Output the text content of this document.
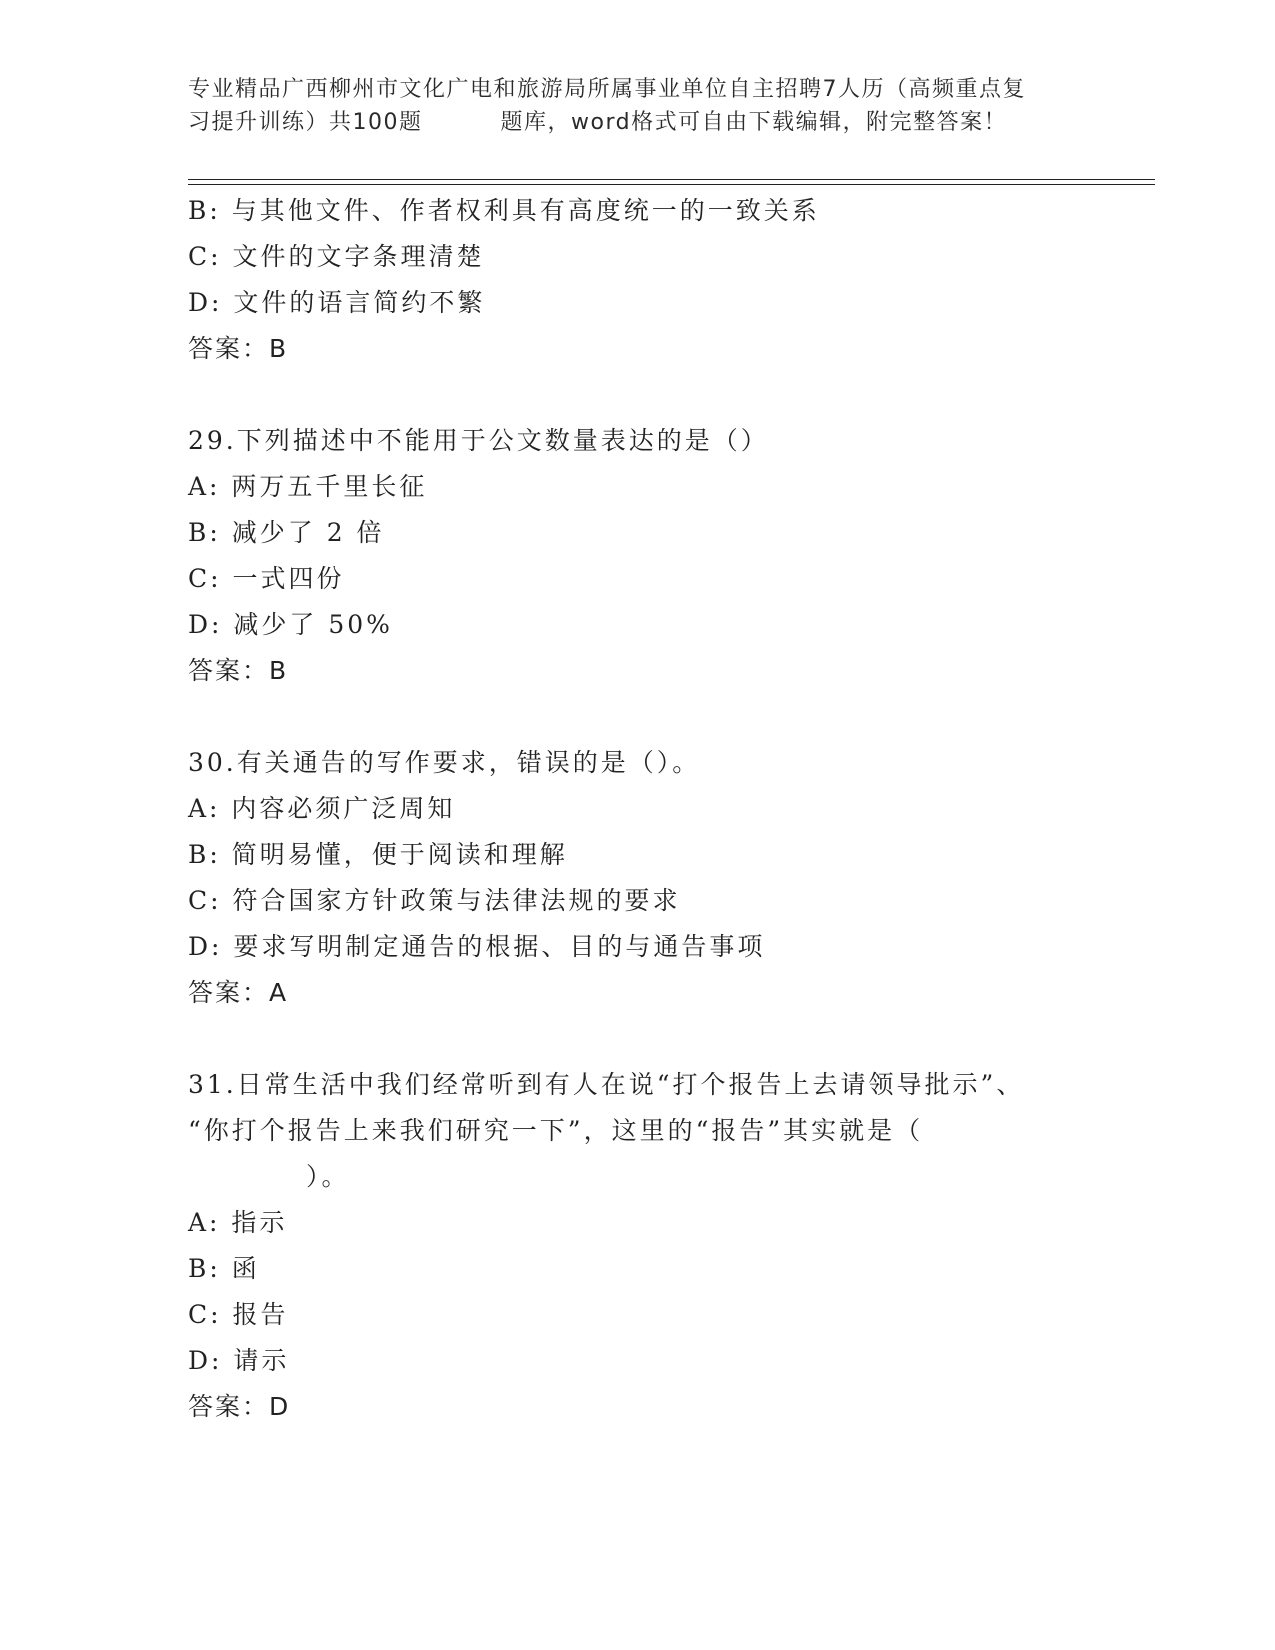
专业精品广西柳州市文化广电和旅游局所属事业单位自主招聘7人历（高频重点复
习提升训练）共100题	题库，word格式可自由下载编辑，附完整答案！
B: 与其他文件、作者权利具有高度统一的一致关系
C: 文件的文字条理清楚
D: 文件的语言简约不繁
答案：B
29.下列描述中不能用于公文数量表达的是（）
A: 两万五千里长征
B: 减少了 2 倍
C: 一式四份
D: 减少了 50%
答案：B
30.有关通告的写作要求，错误的是（）。
A: 内容必须广泛周知
B: 简明易懂，便于阅读和理解
C: 符合国家方针政策与法律法规的要求
D: 要求写明制定通告的根据、目的与通告事项
答案：A
31.日常生活中我们经常听到有人在说“打个报告上去请领导批示”、
“你打个报告上来我们研究一下”，这里的“报告”其实就是（
）。
A: 指示
B: 函
C: 报告
D: 请示
答案：D
